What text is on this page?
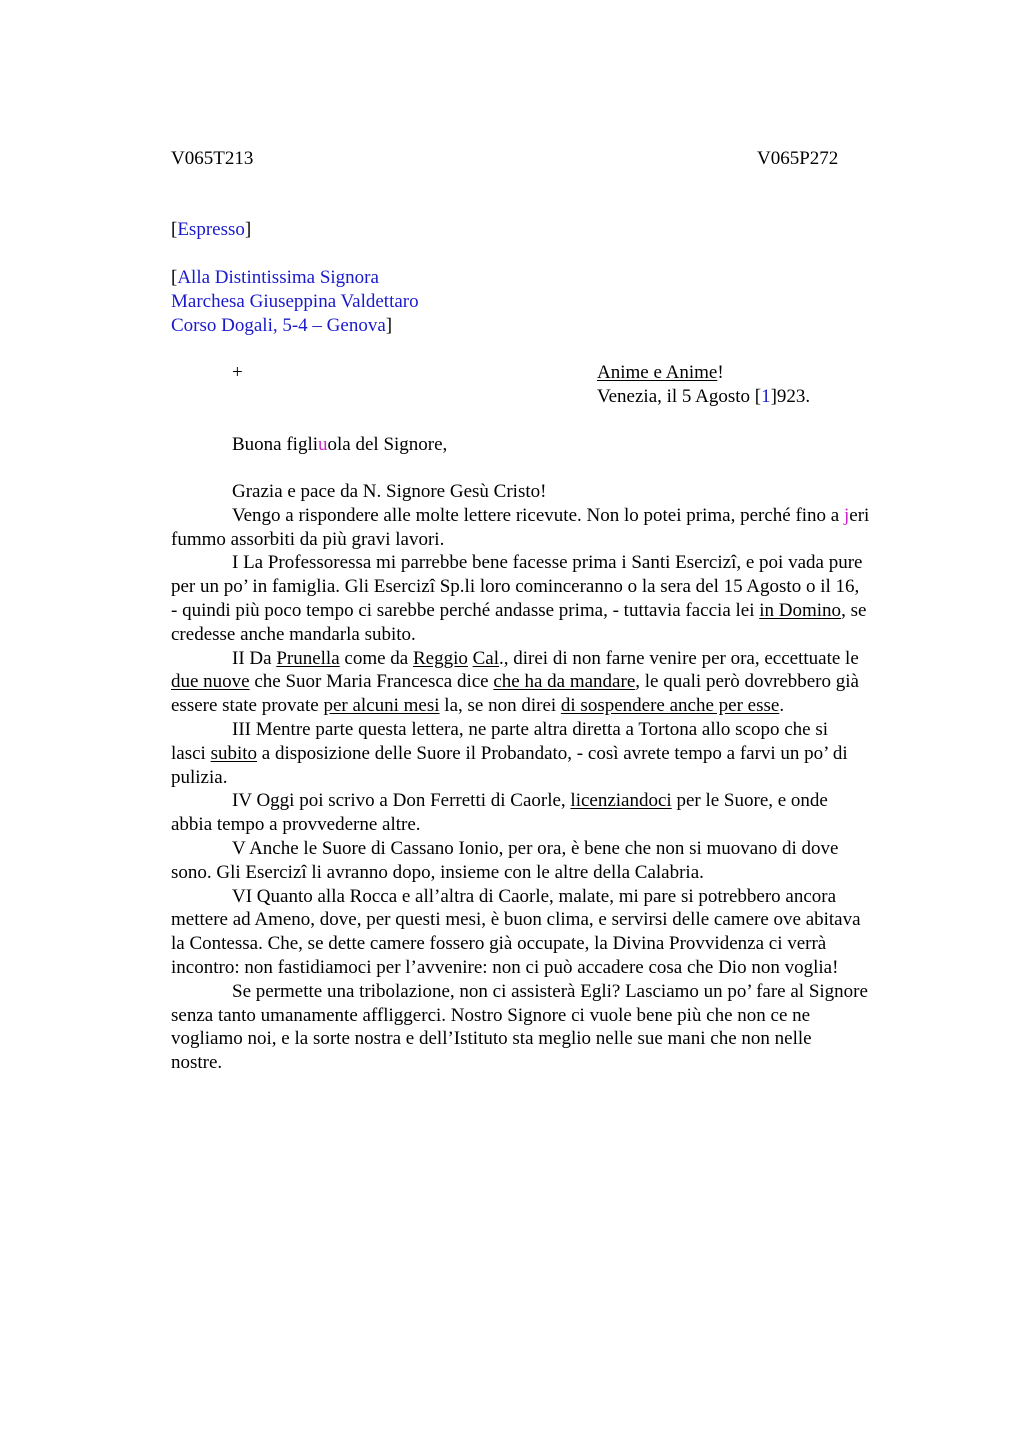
V065T213	V065P272
[Espresso]
[Alla Distintissima Signora
Marchesa Giuseppina Valdettaro
Corso Dogali, 5-4 – Genova]
+	Anime e Anime!
Venezia, il 5 Agosto [1]923.
Buona figliuola del Signore,

Grazia e pace da N. Signore Gesù Cristo!

Vengo a rispondere alle molte lettere ricevute. Non lo potei prima, perché fino a jeri

fummo assorbiti da più gravi lavori.

I La Professoressa mi parrebbe bene facesse prima i Santi Esercizi, e poi vada pure

per un po’ in famiglia. Gli Esercizi Sp.li loro cominceranno o la sera del 15 Agosto o il 16,

- quindi più poco tempo ci sarebbe perché andasse prima, - tuttavia faccia lei in Domino, se

credesse anche mandarla subito.

II Da Prunella come da Reggio Cal., direi di non farne venire per ora, eccettuate le

due nuove che Suor Maria Francesca dice che ha da mandare, le quali però dovrebbero già

essere state provate per alcuni mesi la, se non direi di sospendere anche per esse.

III Mentre parte questa lettera, ne parte altra diretta a Tortona allo scopo che si

lasci subito a disposizione delle Suore il Probandato, - così avrete tempo a farvi un po’ di

pulizia.

IV Oggi poi scrivo a Don Ferretti di Caorle, licenziandoci per le Suore, e onde

abbia tempo a provvederne altre.

V Anche le Suore di Cassano Ionio, per ora, è bene che non si muovano di dove

sono. Gli Esercizi li avranno dopo, insieme con le altre della Calabria.

VI Quanto alla Rocca e all’altra di Caorle, malate, mi pare si potrebbero ancora

mettere ad Ameno, dove, per questi mesi, è buon clima, e servirsi delle camere ove abitava

la Contessa. Che, se dette camere fossero già occupate, la Divina Provvidenza ci verrà

incontro: non fastidiamoci per l’avvenire: non ci può accadere cosa che Dio non voglia!

Se permette una tribolazione, non ci assisterà Egli? Lasciamo un po’ fare al Signore

senza tanto umanamente affliggerci. Nostro Signore ci vuole bene più che non ce ne

vogliamo noi, e la sorte nostra e dell’Istituto sta meglio nelle sue mani che non nelle

nostre.
